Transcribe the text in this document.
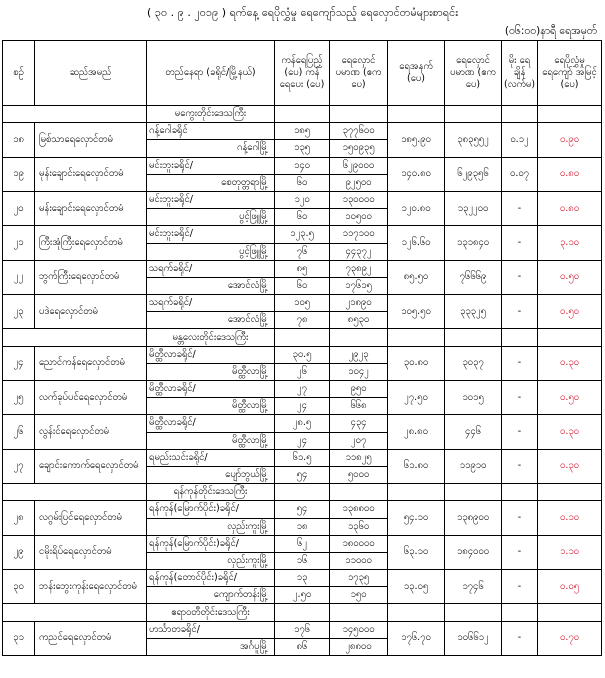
( ၃၀ . ၉ . ၂၀၁၉ ) ရက်နေ့ ရေပိုလွှံမှု ရေကျော်သည့် ရေလှောင်တမံများစာရင်း
(၀၆:၀၀)နာရီ ရေအမှတ်
စဉ်	ဆည်အမည်	တည်နေရာ (ခရိုင်/မြို့နယ်)	ကန်ရေပြည့် (ပေ) ကန်ရေပေး (ပေ)	ရေလှောင် ပမာဏ (ဧကပေ)	ရေအနက် (ပေ)	ရေလှောင် ပမာဏ (ဧကပေ)	မိုး ရေ ချိန် (လက်မ)	ရေပိုလွှံမှု ရေကျော် အမြင့် (ပေ)
		မကွေးတိုင်းဒေသကြီး						
၁၈	မြစ်သာရေလှောင်တမံ	ဂန့်ဂေါခရိုင်	၁၈၅	၃၇၇၆၀၀	၁၈၅.၉၀	၃၈၃၅၅၂	၀.၁၂	၀.၉၀
		ဂန့်ဂေါမြို့	၁၃၅	၁၅၀၉၃၅				
၁၉	မုန်းချောင်းရေလှောင်တမံ	မင်းဘူးခရိုင်/	၁၄၀	၆၂၉၀၀၀	၁၄၀.၈၀	၆၂၉၃၅၆	၀.၀၇	၀.၈၀
		စေတုတ္တရာမြို့	၆၀	၉၂၅၀၀				
၂၀	မန်းချောင်းရေလှောင်တမံ	မင်းဘူးခရိုင်/	၁၂၀	၁၃၀၀၀၀	၁၂၀.၈၀	၁၃၂၂၀၀	-	၀.၈၀
		ပွင့်ဖြူမြို့	၆၀	၁၀၅၀၀				
၂၁	ကြီးအုံကြီးရေလှောင်တမံ	မင်းဘူးခရိုင်/	၁၂၃.၅	၁၁၇၁၀၀	၁၂၆.၆၀	၁၃၁၈၄၀	-	၃.၁၀
		ပွင့်ဖြူမြို့	၇၆	၄၄၃၇၂				
၂၂	ဘွက်ကြီးရေလှောင်တမံ	သရက်ခရိုင်/	၈၅	၇၃၈၉၂	၈၅.၅၀	၇၆၆၆၉	-	၀.၅၀
		အောင်လံမြို့	၆၀	၁၇၆၁၅				
၂၃	ပဒဲရေလှောင်တမံ	သရက်ခရိုင်/	၁၀၅	၂၁၈၉၀	၁၀၅.၅၀	၃၃၃၂၅	-	၀.၅၀
		အောင်လံမြို့	၇၈	၈၅၃၀				
		မန္တလေးတိုင်းဒေသကြီး						
၂၄	ညောင်ကန်ရေလှောင်တမံ	မိတ္ထီလာခရိုင်/	၃၀.၅	၂၉၂၃	၃၀.၈၀	၃၀၃၇	-	၀.၃၀
		မိတ္ထီလာမြို့	၂၆	၁၀၄၂				
၂၅	လက်ခုပ်ပင်ရေလှောင်တမံ	မိတ္ထီလာခရိုင်/	၂၇	၉၅၀	၂၇.၅၀	၁၀၁၅	-	၀.၅၀
		မိတ္ထီလာမြို့	၂၄	၆၆၈				
၂၆	လွန်းင်ရေလှောင်တမံ	မိတ္ထီလာခရိုင်/	၂၈.၅	၄၃၄	၂၈.၈၀	၄၄၆	-	၀.၃၀
		မိတ္ထီလာမြို့	၂၄	၂၀၇				
၂၇	ချောင်းကောက်ရေလှောင်တမံ	ရမည်းသင်းခရိုင်/	၆၁.၅	၁၁၈၂၅	၆၁.၈၀	၁၁၉၁၀	-	၀.၃၀
		ပျော်ဘွယ်မြို့	၅၄	၅၀၀၀				
		ရန်ကုန်တိုင်းဒေသကြီး						
၂၈	လဂွမ်းပြင်ရေလှောင်တမံ	ရန်ကုန်(မြောက်ပိုင်း)ခရိုင်/	၅၄	၁၃၈၈၀၀	၅၄.၁၀	၁၃၈၉၀၀	-	၀.၁၀
		လှည်းကူးမြို့	၁၈	၁၃၆၀				
၂၉	ငမိုးရိပ်ရေလှောင်တမံ	ရန်ကုန်(မြောက်ပိုင်း)ခရိုင်/	၆၂	၁၈၀၀၀၀	၆၃.၁၀	၁၈၄၀၀၀	-	၁.၁၀
		လှည်းကူးမြို့	၁၆	၁၁၀၀၀				
၃၀	ဘန်းဘွေးကုန်းရေလှောင်တမံ	ရန်ကုန်(တောင်ပိုင်း)ခရိုင်/	၁၃	၁၇၃၅	၁၃.၀၅	၁၇၄၆	-	၀.၀၅
		ကျောက်တန်းမြို့	၂.၅၀	၁၅၀				
		ဧရာဝတီတိုင်းဒေသကြီး						
၃၁	ကညင်ရေလှောင်တမံ	ဟင်္သာတခရိုင်/	၁၇၆	၁၄၅၀၀၀	၁၇၆.၇၀	၁၀၆၆၁၂	-	၀.၇၀
		အင်္ဂပူမြို့	၈၆	၂၈၈၀၀				
